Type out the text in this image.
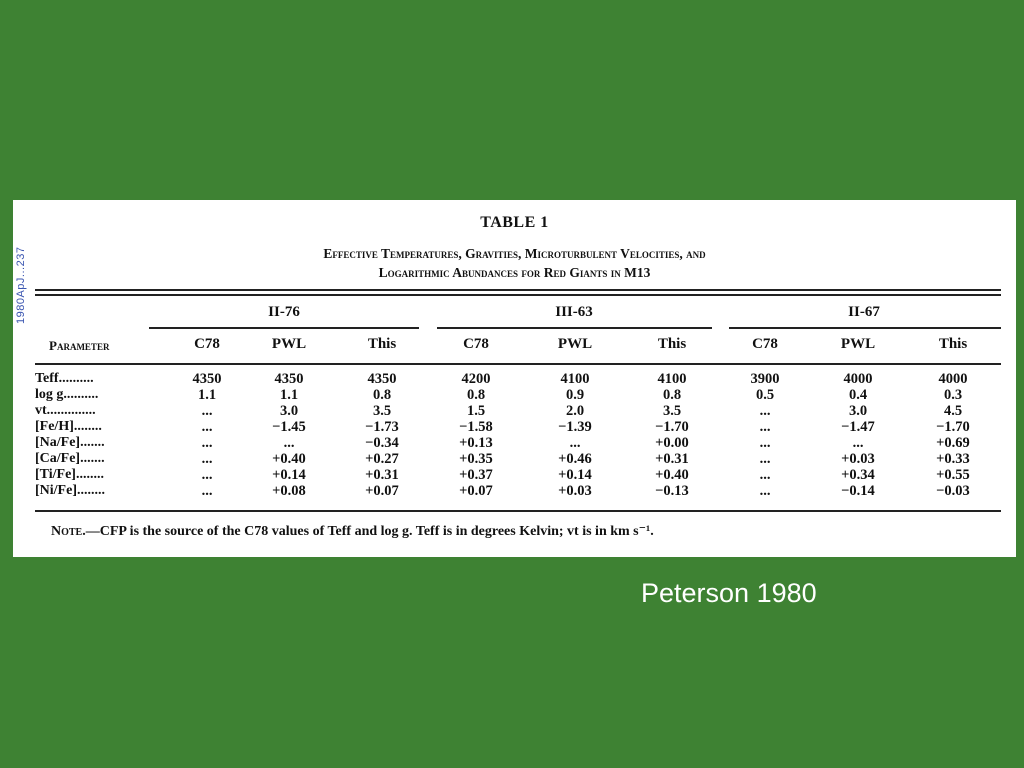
1980ApJ...237
TABLE 1
Effective Temperatures, Gravities, Microturbulent Velocities, and
Logarithmic Abundances for Red Giants in M13
II-76	III-63	II-67
Parameter	C78	PWL	This	C78	PWL	This	C78	PWL	This
Teff..........	4350	4350	4350	4200	4100	4100	3900	4000	4000
log g..........	1.1	1.1	0.8	0.8	0.9	0.8	0.5	0.4	0.3
vt..............	...	3.0	3.5	1.5	2.0	3.5	...	3.0	4.5
[Fe/H]........	...	−1.45	−1.73	−1.58	−1.39	−1.70	...	−1.47	−1.70
[Na/Fe].......	...	...	−0.34	+0.13	...	+0.00	...	...	+0.69
[Ca/Fe].......	...	+0.40	+0.27	+0.35	+0.46	+0.31	...	+0.03	+0.33
[Ti/Fe]........	...	+0.14	+0.31	+0.37	+0.14	+0.40	...	+0.34	+0.55
[Ni/Fe]........	...	+0.08	+0.07	+0.07	+0.03	−0.13	...	−0.14	−0.03
Note.—CFP is the source of the C78 values of Teff and log g. Teff is in degrees Kelvin; vt is in km s⁻¹.
Peterson 1980
